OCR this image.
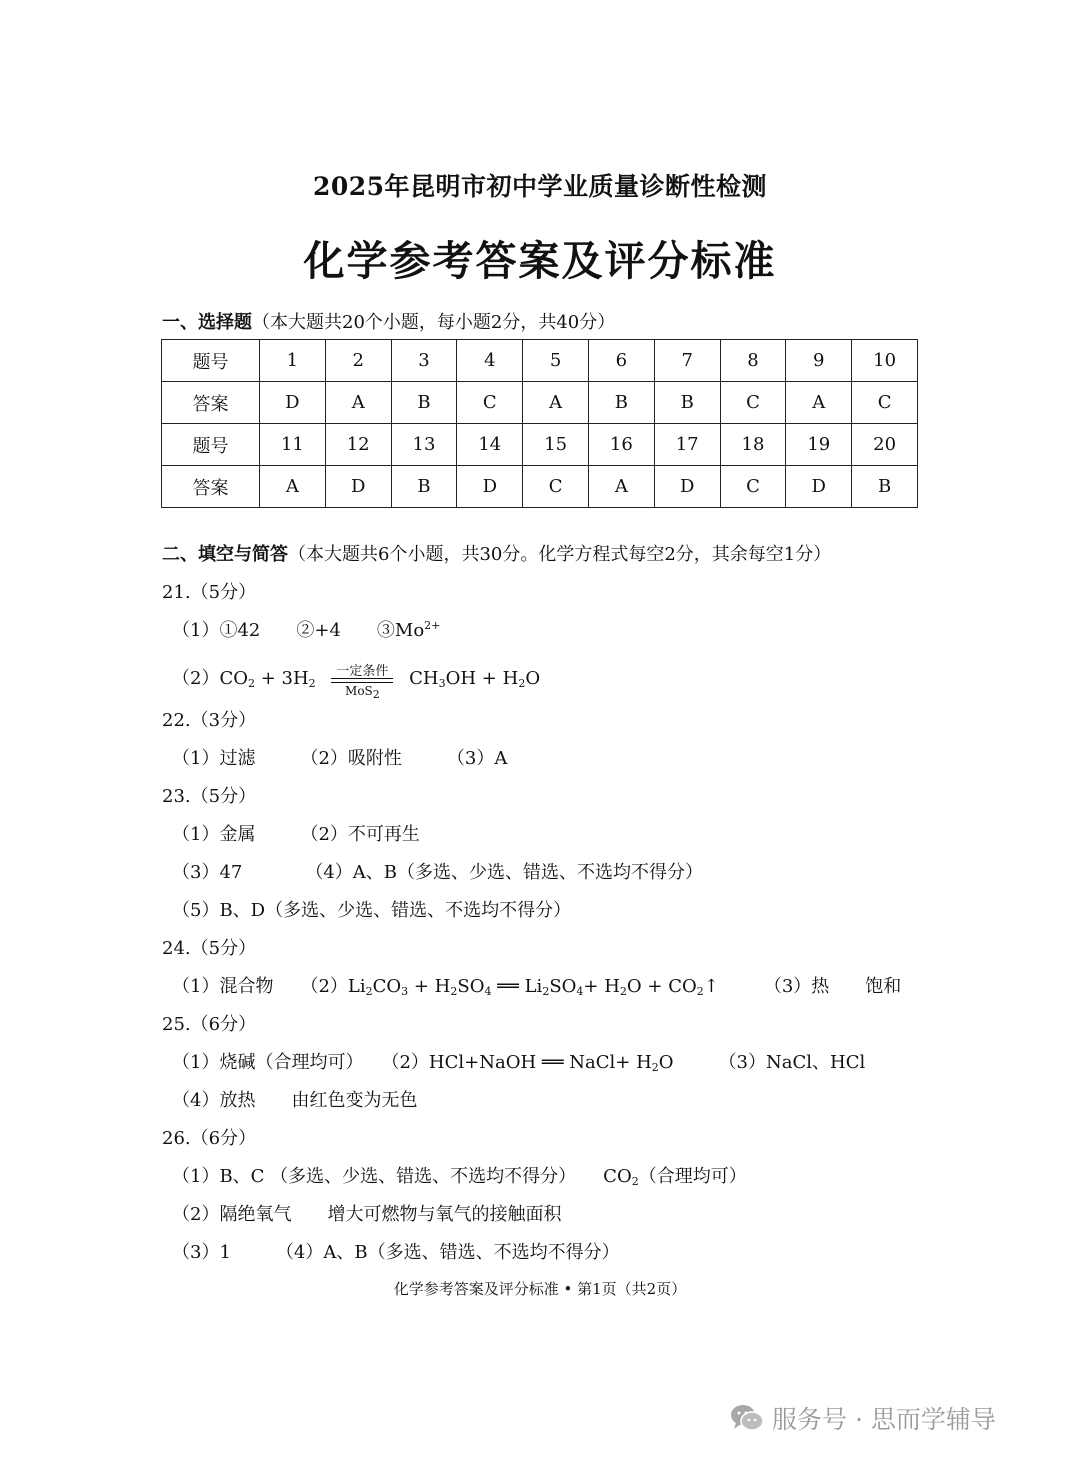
2025年昆明市初中学业质量诊断性检测
化学参考答案及评分标准
一、选择题（本大题共20个小题，每小题2分，共40分）
题号	1	2	3	4	5	6	7	8	9	10
答案	D	A	B	C	A	B	B	C	A	C
题号	11	12	13	14	15	16	17	18	19	20
答案	A	D	B	D	C	A	D	C	D	B
二、填空与简答（本大题共6个小题，共30分。化学方程式每空2分，其余每空1分）
21.（5分）
（1）①42　　②+4　　$③Mo^{2+}$
$(2)CO_2 + 3H_2$
一定条件
MoS$_2$
$CH_3OH + H_2O$
22.（3分）
（1）过滤　　　（2）吸附性　　　（3）A
23.（5分）
（1）金属　　　（2）不可再生
（3）47　　　　（4）A、B（多选、少选、错选、不选均不得分）
（5）B、D（多选、少选、错选、不选均不得分）
24.（5分）
（1）混合物　　$(2)Li_2CO_3 + H_2SO_4$ ══ $Li_2SO_4+ H_2O$ + $CO_2↑$　　　（3）热　　饱和
25.（6分）
（1）烧碱（合理均可）　　（2）HCl+NaOH ══ NaCl+ $H_2O$　　　（3）NaCl、HCl
（4）放热　　由红色变为无色
26.（6分）
（1）B、C （多选、少选、错选、不选均不得分）　　$CO_2$（合理均可）
（2）隔绝氧气　　增大可燃物与氧气的接触面积
（3）1　　　（4）A、B（多选、错选、不选均不得分）
化学参考答案及评分标准 • 第1页（共2页）
服务号 · 思而学辅导
